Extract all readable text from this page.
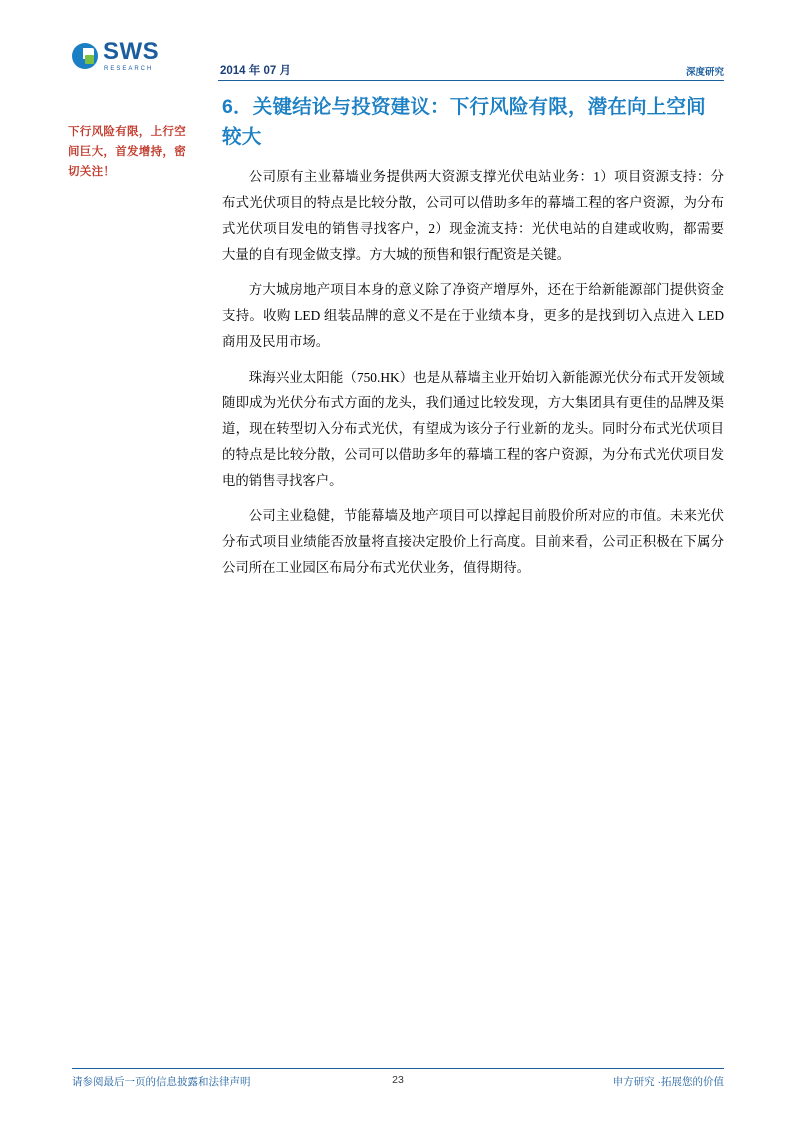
SWS
RESEARCH	2014 年 07 月	深度研究
下行风险有限，上行空间巨大，首发增持，密切关注！
6．关键结论与投资建议：下行风险有限，潜在向上空间较大

公司原有主业幕墙业务提供两大资源支撑光伏电站业务：1）项目资源支持：分布式光伏项目的特点是比较分散，公司可以借助多年的幕墙工程的客户资源，为分布式光伏项目发电的销售寻找客户，2）现金流支持：光伏电站的自建或收购，都需要大量的自有现金做支撑。方大城的预售和银行配资是关键。

方大城房地产项目本身的意义除了净资产增厚外，还在于给新能源部门提供资金支持。收购 LED 组装品牌的意义不是在于业绩本身，更多的是找到切入点进入 LED 商用及民用市场。

珠海兴业太阳能（750.HK）也是从幕墙主业开始切入新能源光伏分布式开发领域随即成为光伏分布式方面的龙头，我们通过比较发现，方大集团具有更佳的品牌及渠道，现在转型切入分布式光伏，有望成为该分子行业新的龙头。同时分布式光伏项目的特点是比较分散，公司可以借助多年的幕墙工程的客户资源，为分布式光伏项目发电的销售寻找客户。

公司主业稳健，节能幕墙及地产项目可以撑起目前股价所对应的市值。未来光伏分布式项目业绩能否放量将直接决定股价上行高度。目前来看，公司正积极在下属分公司所在工业园区布局分布式光伏业务，值得期待。

请参阅最后一页的信息披露和法律声明	23	申方研究 ·拓展您的价值
